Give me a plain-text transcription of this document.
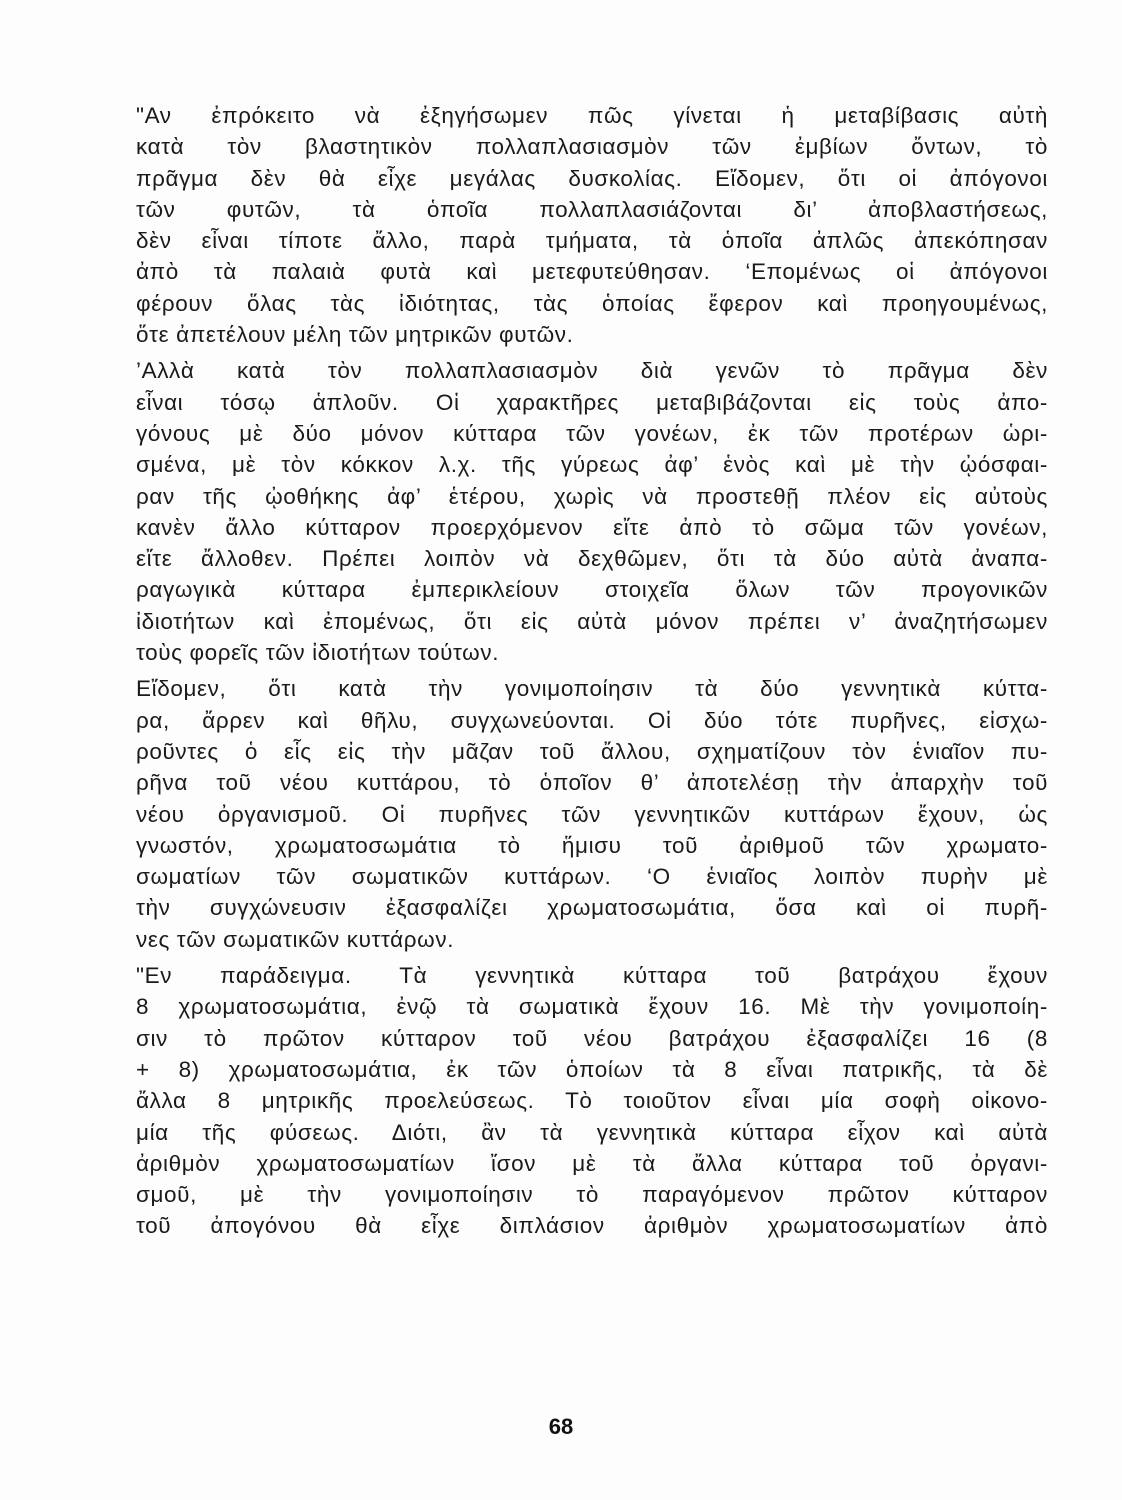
"Αν ἐπρόκειτο νὰ ἐξηγήσωμεν πῶς γίνεται ἡ μεταβίβασις αὐτὴ
κατὰ τὸν βλαστητικὸν πολλαπλασιασμὸν τῶν ἐμβίων ὄντων, τὸ
πρᾶγμα δὲν θὰ εἶχε μεγάλας δυσκολίας. Εἴδομεν, ὅτι οἱ ἀπόγονοι
τῶν φυτῶν, τὰ ὁποῖα πολλαπλασιάζονται δι’ ἀποβλαστήσεως,
δὲν εἶναι τίποτε ἄλλο, παρὰ τμήματα, τὰ ὁποῖα ἀπλῶς ἀπεκόπησαν
ἀπὸ τὰ παλαιὰ φυτὰ καὶ μετεφυτεύθησαν. ‘Επομένως οἱ ἀπόγονοι
φέρουν ὅλας τὰς ἰδιότητας, τὰς ὁποίας ἔφερον καὶ προηγουμένως,
ὅτε ἀπετέλουν μέλη τῶν μητρικῶν φυτῶν.
’Αλλὰ κατὰ τὸν πολλαπλασιασμὸν διὰ γενῶν τὸ πρᾶγμα δὲν
εἶναι τόσῳ ἁπλοῦν. Οἱ χαρακτῆρες μεταβιβάζονται εἰς τοὺς ἀπο-
γόνους μὲ δύο μόνον κύτταρα τῶν γονέων, ἐκ τῶν προτέρων ὡρι-
σμένα, μὲ τὸν κόκκον λ.χ. τῆς γύρεως ἀφ’ ἑνὸς καὶ μὲ τὴν ᾠόσφαι-
ραν τῆς ᾠοθήκης ἀφ’ ἑτέρου, χωρὶς νὰ προστεθῇ πλέον εἰς αὐτοὺς
κανὲν ἄλλο κύτταρον προερχόμενον εἴτε ἀπὸ τὸ σῶμα τῶν γονέων,
εἴτε ἄλλοθεν. Πρέπει λοιπὸν νὰ δεχθῶμεν, ὅτι τὰ δύο αὐτὰ ἀναπα-
ραγωγικὰ κύτταρα ἐμπερικλείουν στοιχεῖα ὅλων τῶν προγονικῶν
ἰδιοτήτων καὶ ἐπομένως, ὅτι εἰς αὐτὰ μόνον πρέπει ν’ ἀναζητήσωμεν
τοὺς φορεῖς τῶν ἰδιοτήτων τούτων.
Εἴδομεν, ὅτι κατὰ τὴν γονιμοποίησιν τὰ δύο γεννητικὰ κύττα-
ρα, ἄρρεν καὶ θῆλυ, συγχωνεύονται. Οἱ δύο τότε πυρῆνες, εἰσχω-
ροῦντες ὁ εἷς εἰς τὴν μᾶζαν τοῦ ἄλλου, σχηματίζουν τὸν ἑνιαῖον πυ-
ρῆνα τοῦ νέου κυττάρου, τὸ ὁποῖον θ’ ἀποτελέσῃ τὴν ἀπαρχὴν τοῦ
νέου ὀργανισμοῦ. Οἱ πυρῆνες τῶν γεννητικῶν κυττάρων ἔχουν, ὡς
γνωστόν, χρωματοσωμάτια τὸ ἥμισυ τοῦ ἀριθμοῦ τῶν χρωματο-
σωματίων τῶν σωματικῶν κυττάρων. ‘Ο ἑνιαῖος λοιπὸν πυρὴν μὲ
τὴν συγχώνευσιν ἐξασφαλίζει χρωματοσωμάτια, ὅσα καὶ οἱ πυρῆ-
νες τῶν σωματικῶν κυττάρων.
"Εν παράδειγμα. Τὰ γεννητικὰ κύτταρα τοῦ βατράχου ἔχουν
8 χρωματοσωμάτια, ἐνῷ τὰ σωματικὰ ἔχουν 16. Μὲ τὴν γονιμοποίη-
σιν τὸ πρῶτον κύτταρον τοῦ νέου βατράχου ἐξασφαλίζει 16 (8
+ 8) χρωματοσωμάτια, ἐκ τῶν ὁποίων τὰ 8 εἶναι πατρικῆς, τὰ δὲ
ἄλλα 8 μητρικῆς προελεύσεως. Τὸ τοιοῦτον εἶναι μία σοφὴ οἰκονο-
μία τῆς φύσεως. Διότι, ἂν τὰ γεννητικὰ κύτταρα εἶχον καὶ αὐτὰ
ἀριθμὸν χρωματοσωματίων ἴσον μὲ τὰ ἄλλα κύτταρα τοῦ ὀργανι-
σμοῦ, μὲ τὴν γονιμοποίησιν τὸ παραγόμενον πρῶτον κύτταρον
τοῦ ἀπογόνου θὰ εἶχε διπλάσιον ἀριθμὸν χρωματοσωματίων ἀπὸ
68
